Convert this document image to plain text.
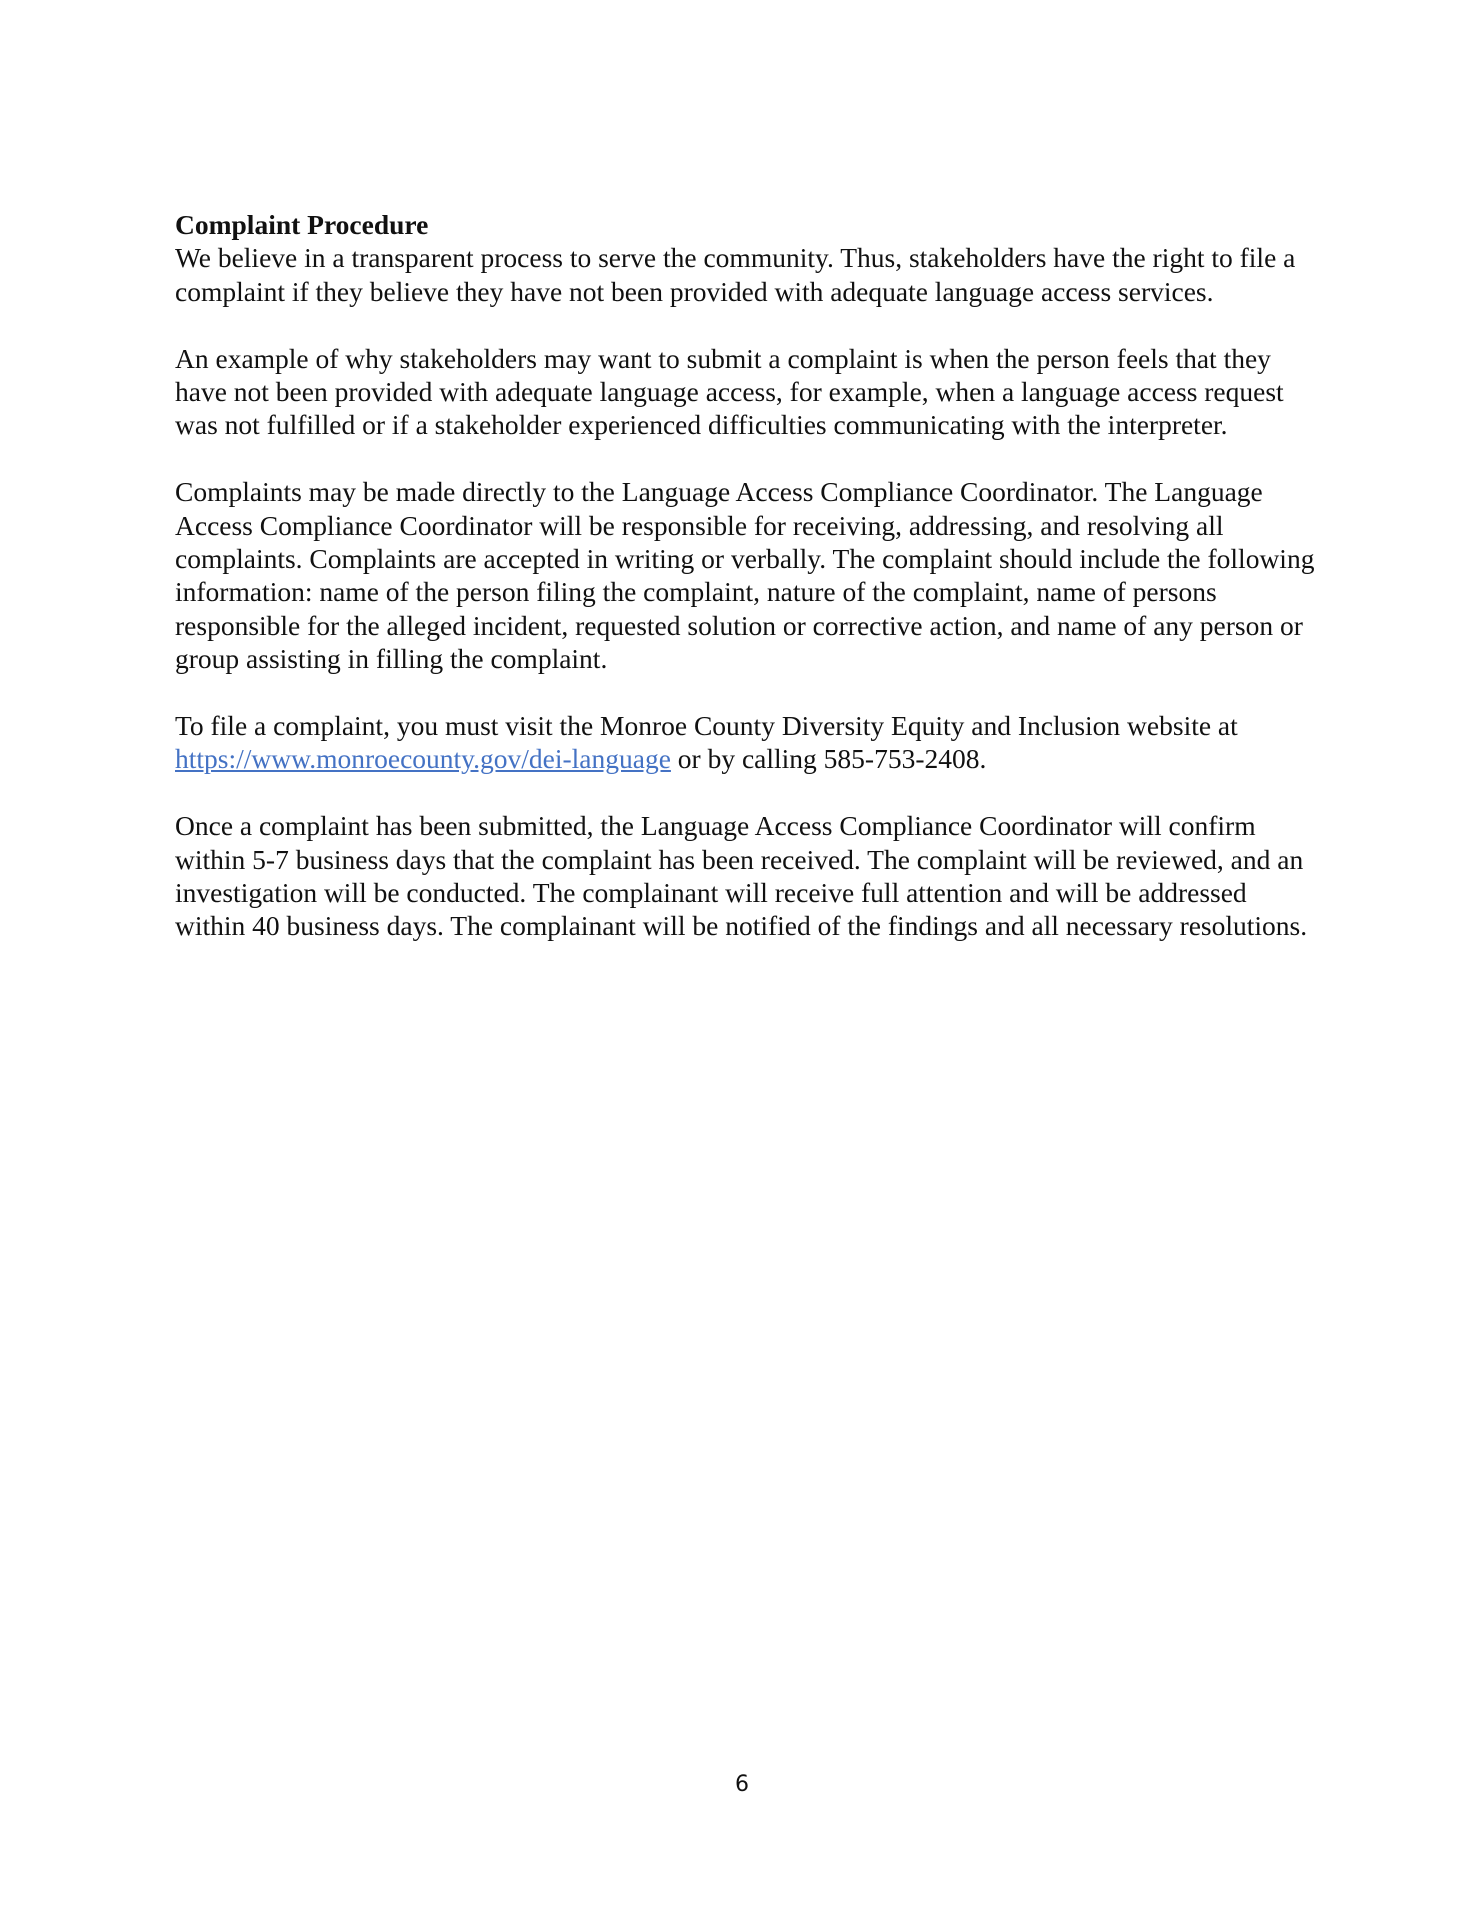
Complaint Procedure

We believe in a transparent process to serve the community. Thus, stakeholders have the right to file a complaint if they believe they have not been provided with adequate language access services.

An example of why stakeholders may want to submit a complaint is when the person feels that they have not been provided with adequate language access, for example, when a language access request was not fulfilled or if a stakeholder experienced difficulties communicating with the interpreter.

Complaints may be made directly to the Language Access Compliance Coordinator. The Language Access Compliance Coordinator will be responsible for receiving, addressing, and resolving all complaints. Complaints are accepted in writing or verbally. The complaint should include the following information: name of the person filing the complaint, nature of the complaint, name of persons responsible for the alleged incident, requested solution or corrective action, and name of any person or group assisting in filling the complaint.

To file a complaint, you must visit the Monroe County Diversity Equity and Inclusion website at https://www.monroecounty.gov/dei-language or by calling 585-753-2408.

Once a complaint has been submitted, the Language Access Compliance Coordinator will confirm within 5-7 business days that the complaint has been received. The complaint will be reviewed, and an investigation will be conducted. The complainant will receive full attention and will be addressed within 40 business days. The complainant will be notified of the findings and all necessary resolutions.

6
